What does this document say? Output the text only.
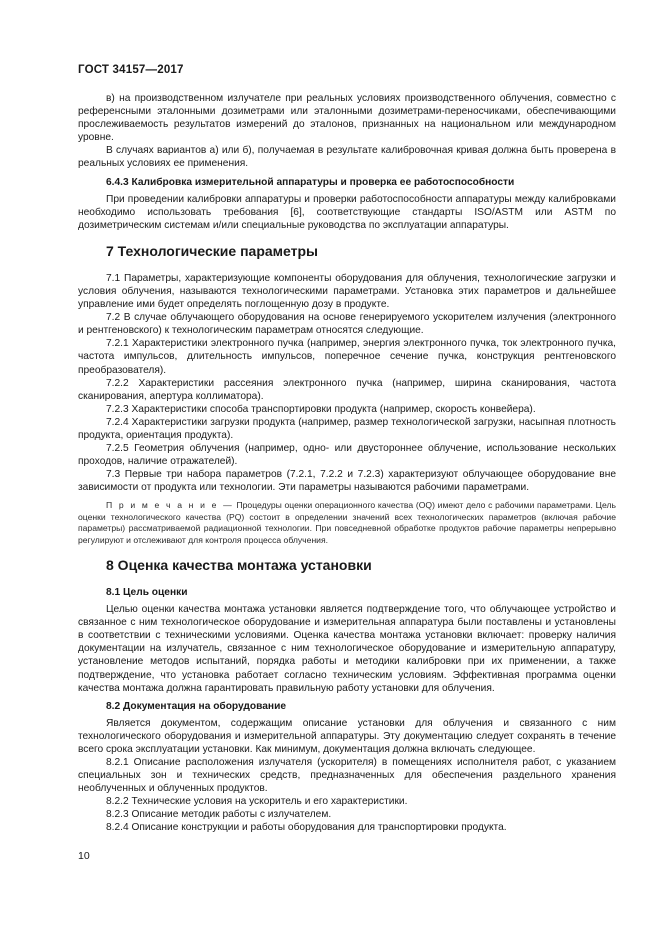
ГОСТ 34157—2017

в) на производственном излучателе при реальных условиях производственного облучения, совместно с референсными эталонными дозиметрами или эталонными дозиметрами-переносчиками, обеспечивающими прослеживаемость результатов измерений до эталонов, признанных на национальном или международном уровне.

В случаях вариантов а) или б), получаемая в результате калибровочная кривая должна быть проверена в реальных условиях ее применения.

6.4.3 Калибровка измерительной аппаратуры и проверка ее работоспособности

При проведении калибровки аппаратуры и проверки работоспособности аппаратуры между калибровками необходимо использовать требования [6], соответствующие стандарты ISO/ASTM или ASTM по дозиметрическим системам и/или специальные руководства по эксплуатации аппаратуры.

7 Технологические параметры

7.1 Параметры, характеризующие компоненты оборудования для облучения, технологические загрузки и условия облучения, называются технологическими параметрами. Установка этих параметров и дальнейшее управление ими будет определять поглощенную дозу в продукте.

7.2 В случае облучающего оборудования на основе генерируемого ускорителем излучения (электронного и рентгеновского) к технологическим параметрам относятся следующие.

7.2.1 Характеристики электронного пучка (например, энергия электронного пучка, ток электронного пучка, частота импульсов, длительность импульсов, поперечное сечение пучка, конструкция рентгеновского преобразователя).

7.2.2 Характеристики рассеяния электронного пучка (например, ширина сканирования, частота сканирования, апертура коллиматора).

7.2.3 Характеристики способа транспортировки продукта (например, скорость конвейера).

7.2.4 Характеристики загрузки продукта (например, размер технологической загрузки, насыпная плотность продукта, ориентация продукта).

7.2.5 Геометрия облучения (например, одно- или двустороннее облучение, использование нескольких проходов, наличие отражателей).

7.3 Первые три набора параметров (7.2.1, 7.2.2 и 7.2.3) характеризуют облучающее оборудование вне зависимости от продукта или технологии. Эти параметры называются рабочими параметрами.

П р и м е ч а н и е — Процедуры оценки операционного качества (OQ) имеют дело с рабочими параметрами. Цель оценки технологического качества (PQ) состоит в определении значений всех технологических параметров (включая рабочие параметры) рассматриваемой радиационной технологии. При повседневной обработке продуктов рабочие параметры непрерывно регулируют и отслеживают для контроля процесса облучения.
8 Оценка качества монтажа установки
8.1 Цель оценки

Целью оценки качества монтажа установки является подтверждение того, что облучающее устройство и связанное с ним технологическое оборудование и измерительная аппаратура были поставлены и установлены в соответствии с техническими условиями. Оценка качества монтажа установки включает: проверку наличия документации на излучатель, связанное с ним технологическое оборудование и измерительную аппаратуру, установление методов испытаний, порядка работы и методики калибровки при их применении, а также подтверждение, что установка работает согласно техническим условиям. Эффективная программа оценки качества монтажа должна гарантировать правильную работу установки для облучения.

8.2 Документация на оборудование

Является документом, содержащим описание установки для облучения и связанного с ним технологического оборудования и измерительной аппаратуры. Эту документацию следует сохранять в течение всего срока эксплуатации установки. Как минимум, документация должна включать следующее.

8.2.1 Описание расположения излучателя (ускорителя) в помещениях исполнителя работ, с указанием специальных зон и технических средств, предназначенных для обеспечения раздельного хранения необлученных и облученных продуктов.

8.2.2 Технические условия на ускоритель и его характеристики.

8.2.3 Описание методик работы с излучателем.

8.2.4 Описание конструкции и работы оборудования для транспортировки продукта.

10
